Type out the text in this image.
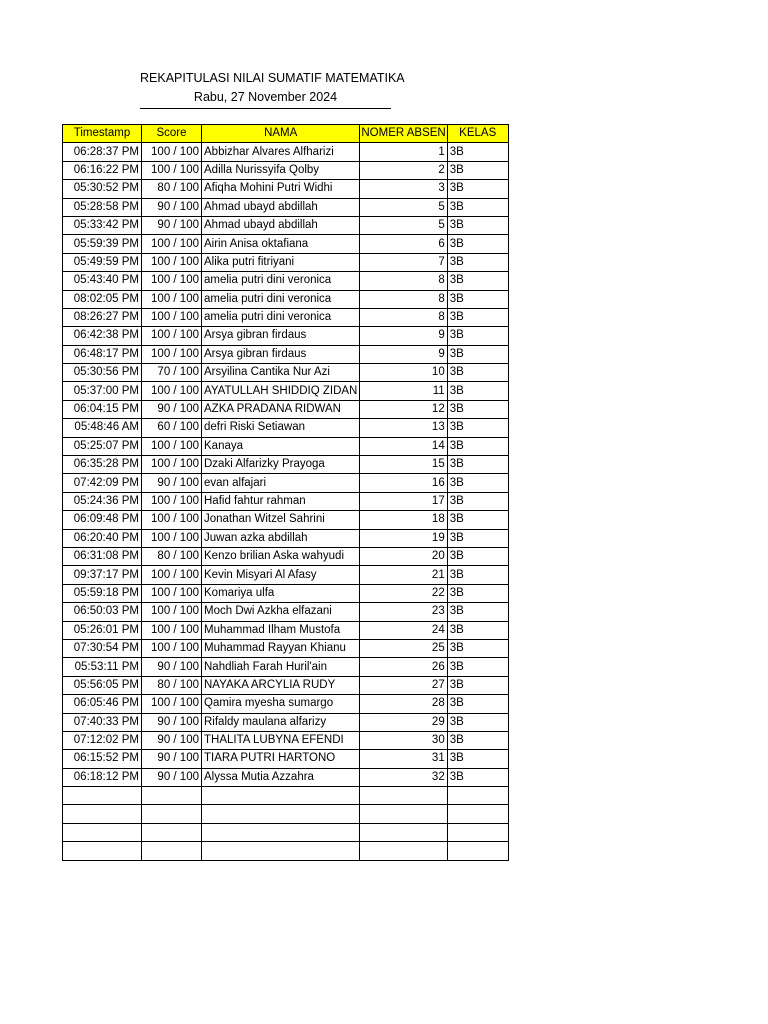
REKAPITULASI NILAI SUMATIF MATEMATIKA
Rabu, 27 November 2024
Timestamp	Score	NAMA	NOMER ABSEN	KELAS
06:28:37 PM	100 / 100	Abbizhar Alvares Alfharizi	1	3B
06:16:22 PM	100 / 100	Adilla Nurissyifa Qolby	2	3B
05:30:52 PM	80 / 100	Afiqha Mohini Putri Widhi	3	3B
05:28:58 PM	90 / 100	Ahmad ubayd abdillah	5	3B
05:33:42 PM	90 / 100	Ahmad ubayd abdillah	5	3B
05:59:39 PM	100 / 100	Airin Anisa oktafiana	6	3B
05:49:59 PM	100 / 100	Alika putri fitriyani	7	3B
05:43:40 PM	100 / 100	amelia putri dini veronica	8	3B
08:02:05 PM	100 / 100	amelia putri dini veronica	8	3B
08:26:27 PM	100 / 100	amelia putri dini veronica	8	3B
06:42:38 PM	100 / 100	Arsya gibran firdaus	9	3B
06:48:17 PM	100 / 100	Arsya gibran firdaus	9	3B
05:30:56 PM	70 / 100	Arsyilina Cantika Nur Azi	10	3B
05:37:00 PM	100 / 100	AYATULLAH SHIDDIQ ZIDAN	11	3B
06:04:15 PM	90 / 100	AZKA PRADANA RIDWAN	12	3B
05:48:46 AM	60 / 100	defri Riski Setiawan	13	3B
05:25:07 PM	100 / 100	Kanaya	14	3B
06:35:28 PM	100 / 100	Dzaki Alfarizky Prayoga	15	3B
07:42:09 PM	90 / 100	evan alfajari	16	3B
05:24:36 PM	100 / 100	Hafid fahtur rahman	17	3B
06:09:48 PM	100 / 100	Jonathan Witzel Sahrini	18	3B
06:20:40 PM	100 / 100	Juwan azka abdillah	19	3B
06:31:08 PM	80 / 100	Kenzo brilian Aska wahyudi	20	3B
09:37:17 PM	100 / 100	Kevin Misyari Al Afasy	21	3B
05:59:18 PM	100 / 100	Komariya ulfa	22	3B
06:50:03 PM	100 / 100	Moch Dwi Azkha elfazani	23	3B
05:26:01 PM	100 / 100	Muhammad Ilham Mustofa	24	3B
07:30:54 PM	100 / 100	Muhammad Rayyan Khianu	25	3B
05:53:11 PM	90 / 100	Nahdliah Farah Huril'ain	26	3B
05:56:05 PM	80 / 100	NAYAKA ARCYLIA RUDY	27	3B
06:05:46 PM	100 / 100	Qamira myesha sumargo	28	3B
07:40:33 PM	90 / 100	Rifaldy maulana alfarizy	29	3B
07:12:02 PM	90 / 100	THALITA LUBYNA EFENDI	30	3B
06:15:52 PM	90 / 100	TIARA PUTRI HARTONO	31	3B
06:18:12 PM	90 / 100	Alyssa Mutia Azzahra	32	3B
